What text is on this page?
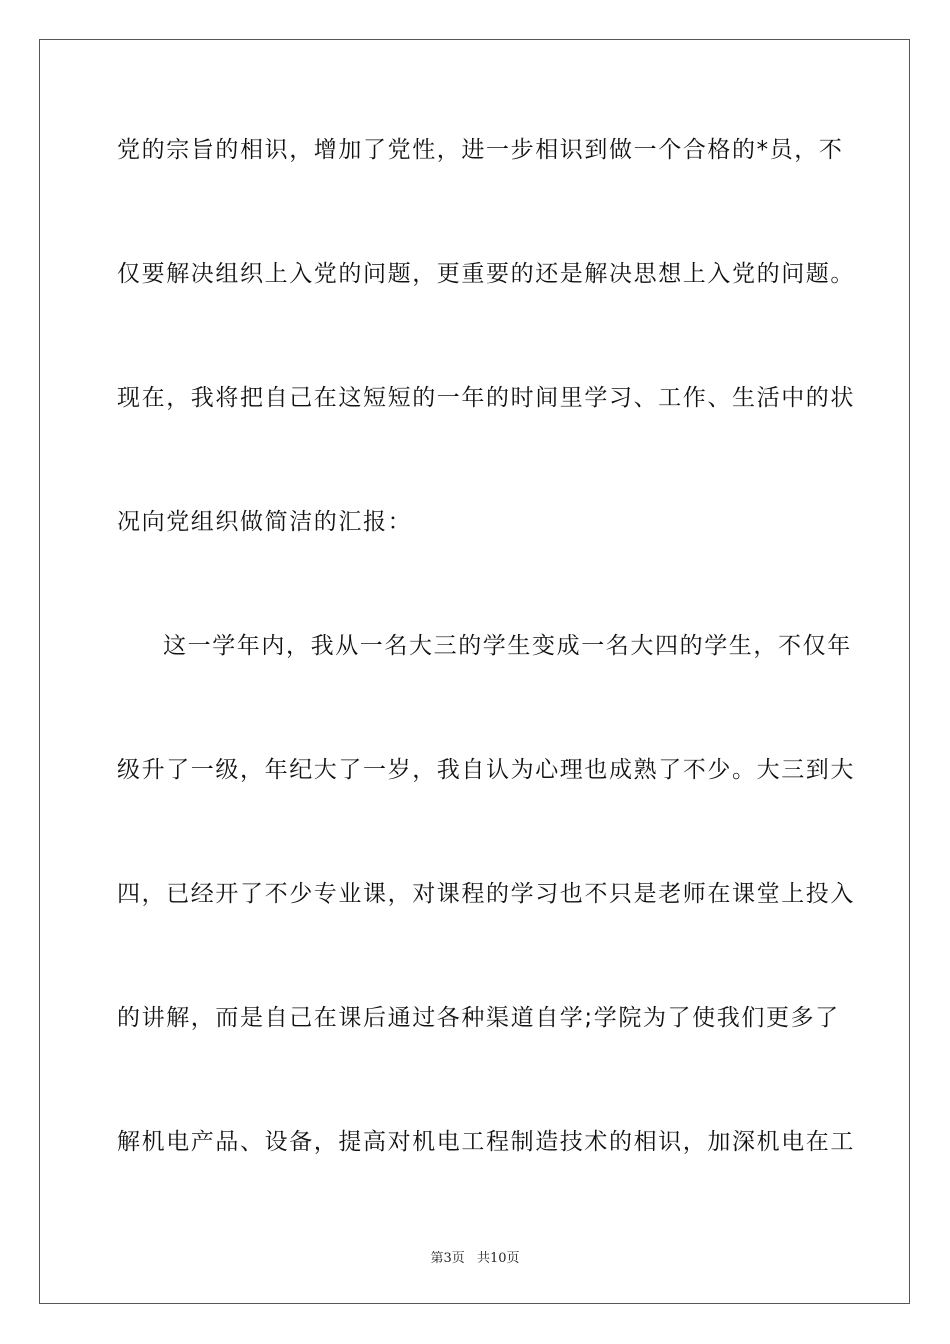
党的宗旨的相识，增加了党性，进一步相识到做一个合格的*员，不
仅要解决组织上入党的问题，更重要的还是解决思想上入党的问题。
现在，我将把自己在这短短的一年的时间里学习、工作、生活中的状
况向党组织做简洁的汇报：
这一学年内，我从一名大三的学生变成一名大四的学生，不仅年
级升了一级，年纪大了一岁，我自认为心理也成熟了不少。大三到大
四，已经开了不少专业课，对课程的学习也不只是老师在课堂上投入
的讲解，而是自己在课后通过各种渠道自学;学院为了使我们更多了
解机电产品、设备，提高对机电工程制造技术的相识，加深机电在工
第3页 共10页
